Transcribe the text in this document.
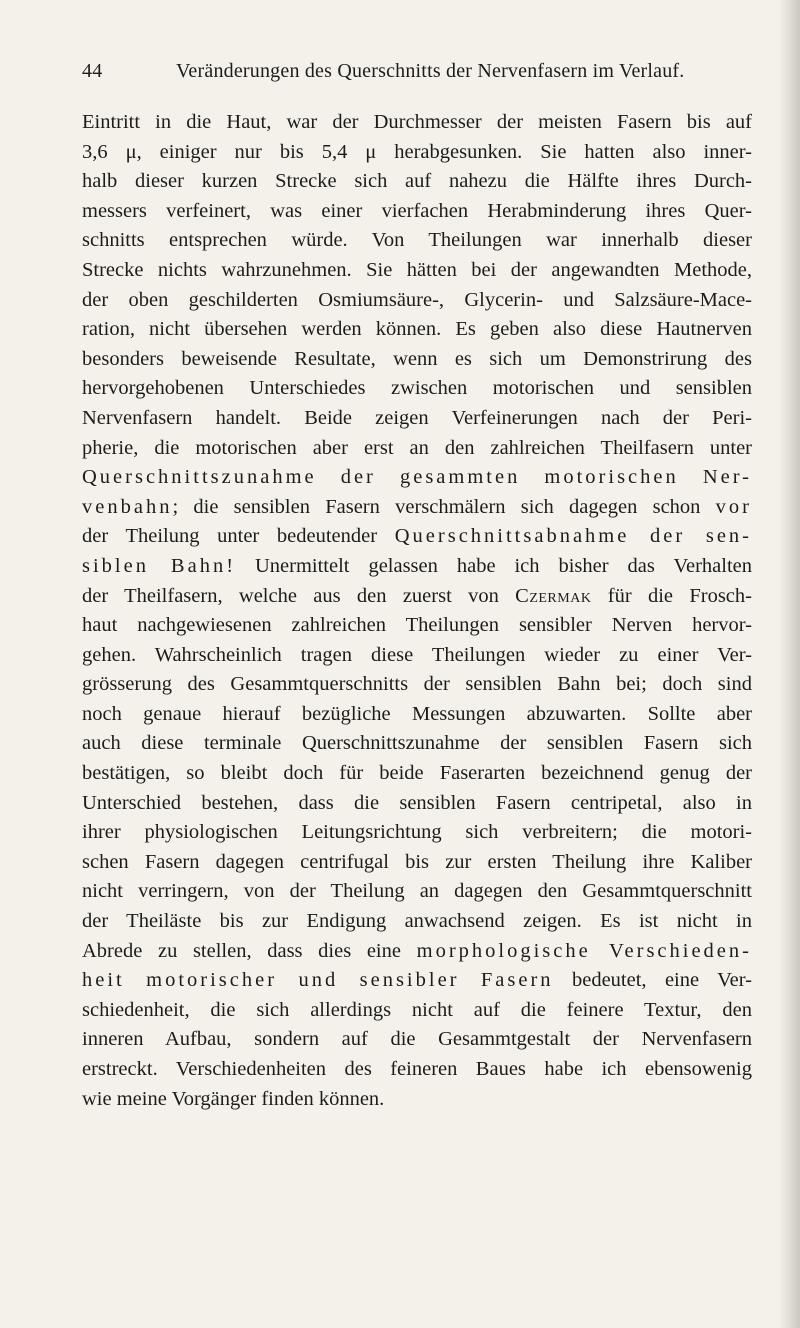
44	Veränderungen des Querschnitts der Nervenfasern im Verlauf.
Eintritt in die Haut, war der Durchmesser der meisten Fasern bis auf
3,6 μ, einiger nur bis 5,4 μ herabgesunken. Sie hatten also inner-
halb dieser kurzen Strecke sich auf nahezu die Hälfte ihres Durch-
messers verfeinert, was einer vierfachen Herabminderung ihres Quer-
schnitts entsprechen würde. Von Theilungen war innerhalb dieser
Strecke nichts wahrzunehmen. Sie hätten bei der angewandten Methode,
der oben geschilderten Osmiumsäure-, Glycerin- und Salzsäure-Mace-
ration, nicht übersehen werden können. Es geben also diese Hautnerven
besonders beweisende Resultate, wenn es sich um Demonstrirung des
hervorgehobenen Unterschiedes zwischen motorischen und sensiblen
Nervenfasern handelt. Beide zeigen Verfeinerungen nach der Peri-
pherie, die motorischen aber erst an den zahlreichen Theilfasern unter
Querschnittszunahme der gesammten motorischen Ner-
venbahn; die sensiblen Fasern verschmälern sich dagegen schon vor
der Theilung unter bedeutender Querschnittsabnahme der sen-
siblen Bahn! Unermittelt gelassen habe ich bisher das Verhalten
der Theilfasern, welche aus den zuerst von Czermak für die Frosch-
haut nachgewiesenen zahlreichen Theilungen sensibler Nerven hervor-
gehen. Wahrscheinlich tragen diese Theilungen wieder zu einer Ver-
grösserung des Gesammtquerschnitts der sensiblen Bahn bei; doch sind
noch genaue hierauf bezügliche Messungen abzuwarten. Sollte aber
auch diese terminale Querschnittszunahme der sensiblen Fasern sich
bestätigen, so bleibt doch für beide Faserarten bezeichnend genug der
Unterschied bestehen, dass die sensiblen Fasern centripetal, also in
ihrer physiologischen Leitungsrichtung sich verbreitern; die motori-
schen Fasern dagegen centrifugal bis zur ersten Theilung ihre Kaliber
nicht verringern, von der Theilung an dagegen den Gesammtquerschnitt
der Theiläste bis zur Endigung anwachsend zeigen. Es ist nicht in
Abrede zu stellen, dass dies eine morphologische Verschieden-
heit motorischer und sensibler Fasern bedeutet, eine Ver-
schiedenheit, die sich allerdings nicht auf die feinere Textur, den
inneren Aufbau, sondern auf die Gesammtgestalt der Nervenfasern
erstreckt. Verschiedenheiten des feineren Baues habe ich ebensowenig
wie meine Vorgänger finden können.
